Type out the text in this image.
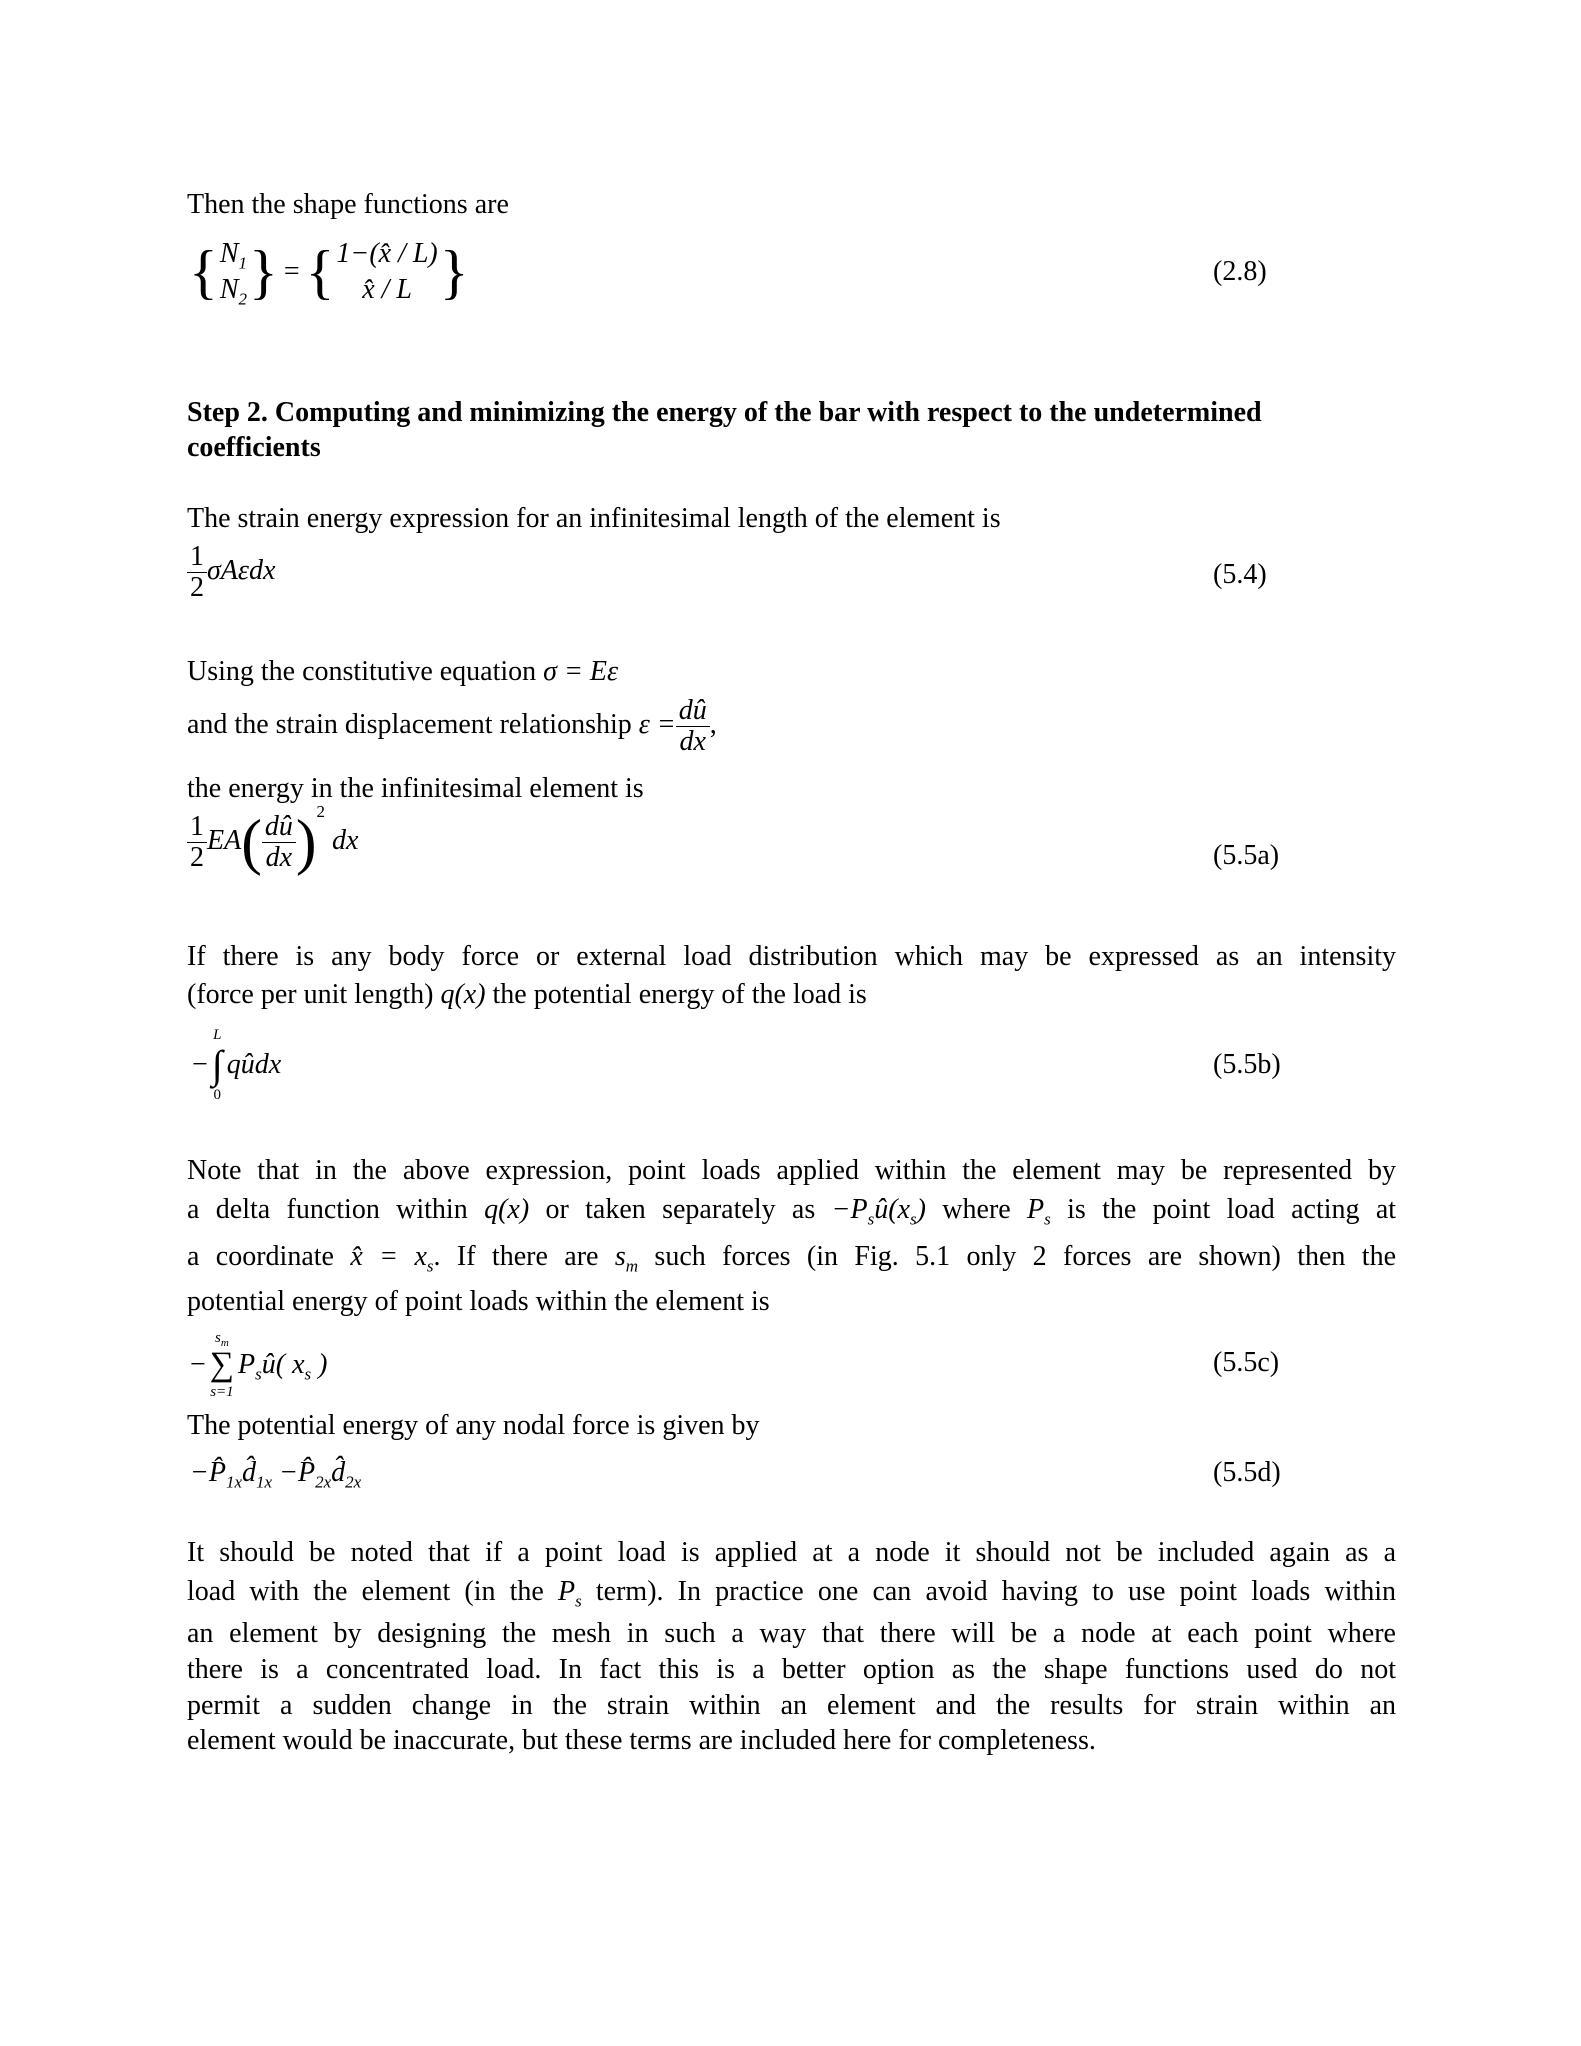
Then the shape functions are
{ $N_1$
$N_2$ } = { 1−(x̂ / L)
x̂ / L }	(2.8)
Step 2. Computing and minimizing the energy of the bar with respect to the undetermined
coefficients
The strain energy expression for an infinitesimal length of the element is
$\frac{1}{2}$ σAεdx	(5.4)
Using the constitutive equation σ = Eε
and the strain displacement relationship $\varepsilon = \frac{dû}{dx}$ ,
the energy in the infinitesimal element is
$\frac{1}{2} EA( \frac{dû}{dx} )^2$ dx	(5.5a)
If there is any body force or external load distribution which may be expressed as an intensity
(force per unit length) q(x) the potential energy of the load is
−
L
∫
0
qûdx	(5.5b)
Note that in the above expression, point loads applied within the element may be represented by
a delta function within q(x) or taken separately as $-P_sû(x_s)$ where $P_s$ is the point load acting at
a coordinate x̂ = $x_s$. If there are $s_m$ such forces (in Fig. 5.1 only 2 forces are shown) then the
potential energy of point loads within the element is
−
$s_m$
∑
s=1
$P_sû$( $x_s$ )	(5.5c)
The potential energy of any nodal force is given by
$-P̂_{1x}d̂_{1x}$ $-P̂_{2x}d̂_{2x}$	(5.5d)
It should be noted that if a point load is applied at a node it should not be included again as a
load with the element (in the $P_s$ term). In practice one can avoid having to use point loads within
an element by designing the mesh in such a way that there will be a node at each point where
there is a concentrated load. In fact this is a better option as the shape functions used do not
permit a sudden change in the strain within an element and the results for strain within an
element would be inaccurate, but these terms are included here for completeness.
